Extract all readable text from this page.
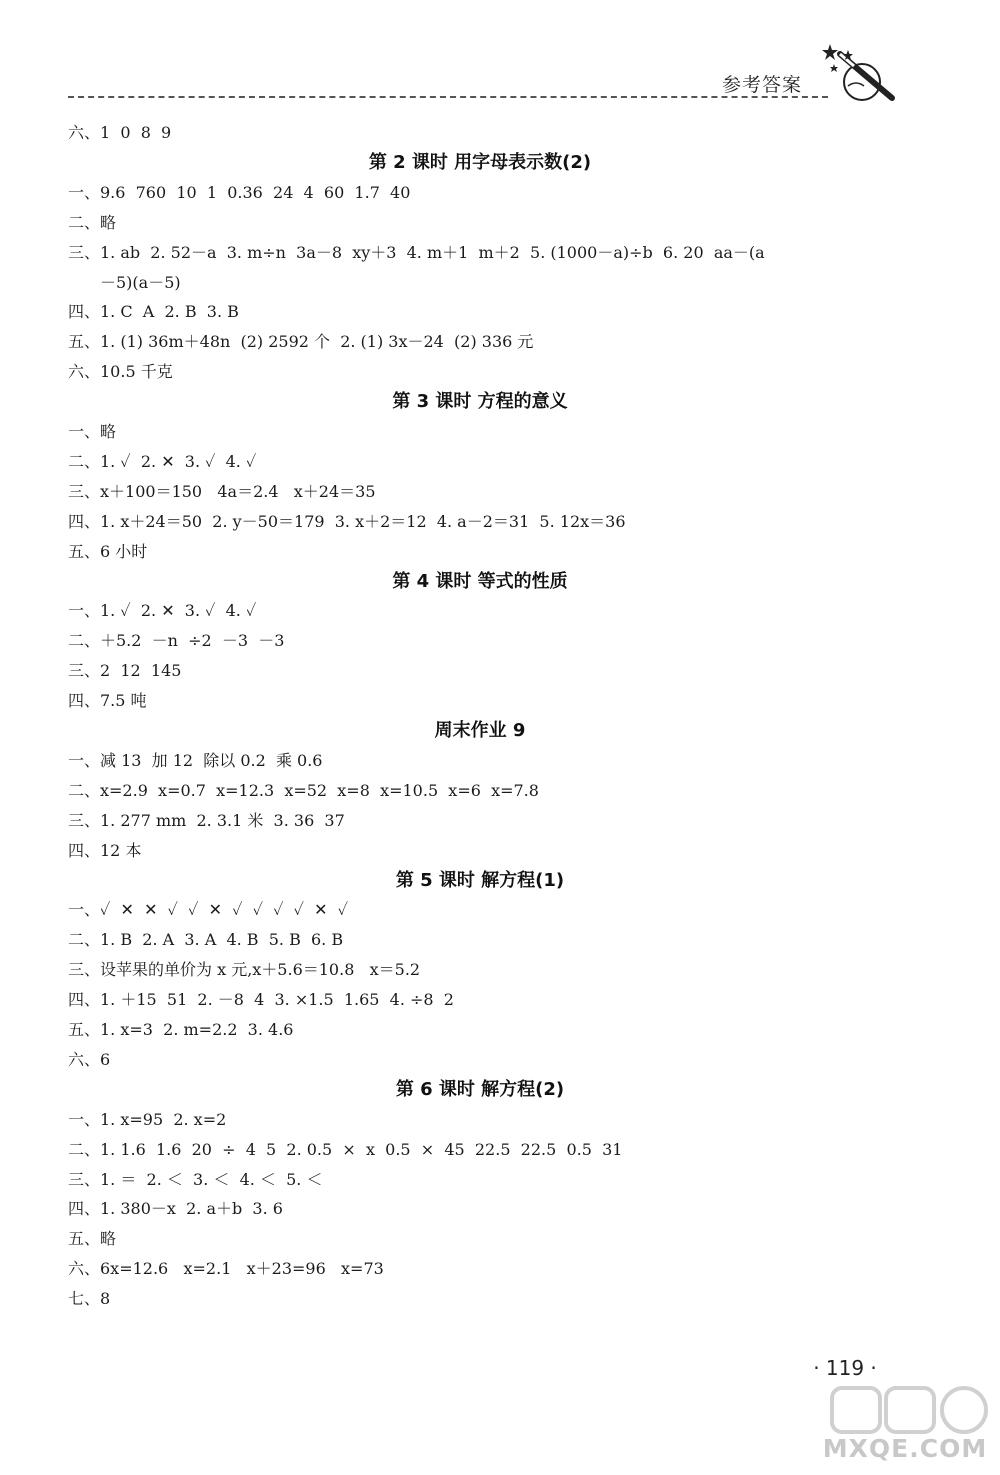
参考答案
六、1  0  8  9
第 2 课时 用字母表示数(2)
一、9.6  760  10  1  0.36  24  4  60  1.7  40
二、略
三、1. ab  2. 52－a  3. m÷n  3a－8  xy＋3  4. m＋1  m＋2  5. (1000－a)÷b  6. 20  aa－(a
－5)(a－5)
四、1. C  A  2. B  3. B
五、1. (1) 36m＋48n  (2) 2592 个  2. (1) 3x－24  (2) 336 元
六、10.5 千克
第 3 课时 方程的意义
一、略
二、1. ✓  2. ✕  3. ✓  4. ✓
三、x＋100＝150   4a＝2.4   x＋24＝35
四、1. x＋24＝50  2. y－50＝179  3. x＋2＝12  4. a－2＝31  5. 12x＝36
五、6 小时
第 4 课时 等式的性质
一、1. ✓  2. ✕  3. ✓  4. ✓
二、＋5.2  －n  ÷2  －3  －3
三、2  12  145
四、7.5 吨
周末作业 9
一、减 13  加 12  除以 0.2  乘 0.6
二、x=2.9  x=0.7  x=12.3  x=52  x=8  x=10.5  x=6  x=7.8
三、1. 277 mm  2. 3.1 米  3. 36  37
四、12 本
第 5 课时 解方程(1)
一、✓  ✕  ✕  ✓  ✓  ✕  ✓  ✓  ✓  ✓  ✕  ✓
二、1. B  2. A  3. A  4. B  5. B  6. B
三、设苹果的单价为 x 元,x＋5.6＝10.8   x＝5.2
四、1. ＋15  51  2. －8  4  3. ×1.5  1.65  4. ÷8  2
五、1. x=3  2. m=2.2  3. 4.6
六、6
第 6 课时 解方程(2)
一、1. x=95  2. x=2
二、1. 1.6  1.6  20  ÷  4  5  2. 0.5  ×  x  0.5  ×  45  22.5  22.5  0.5  31
三、1. ＝  2. ＜  3. ＜  4. ＜  5. ＜
四、1. 380－x  2. a＋b  3. 6
五、略
六、6x=12.6   x=2.1   x＋23=96   x=73
七、8
· 119 ·
MXQE.COM
